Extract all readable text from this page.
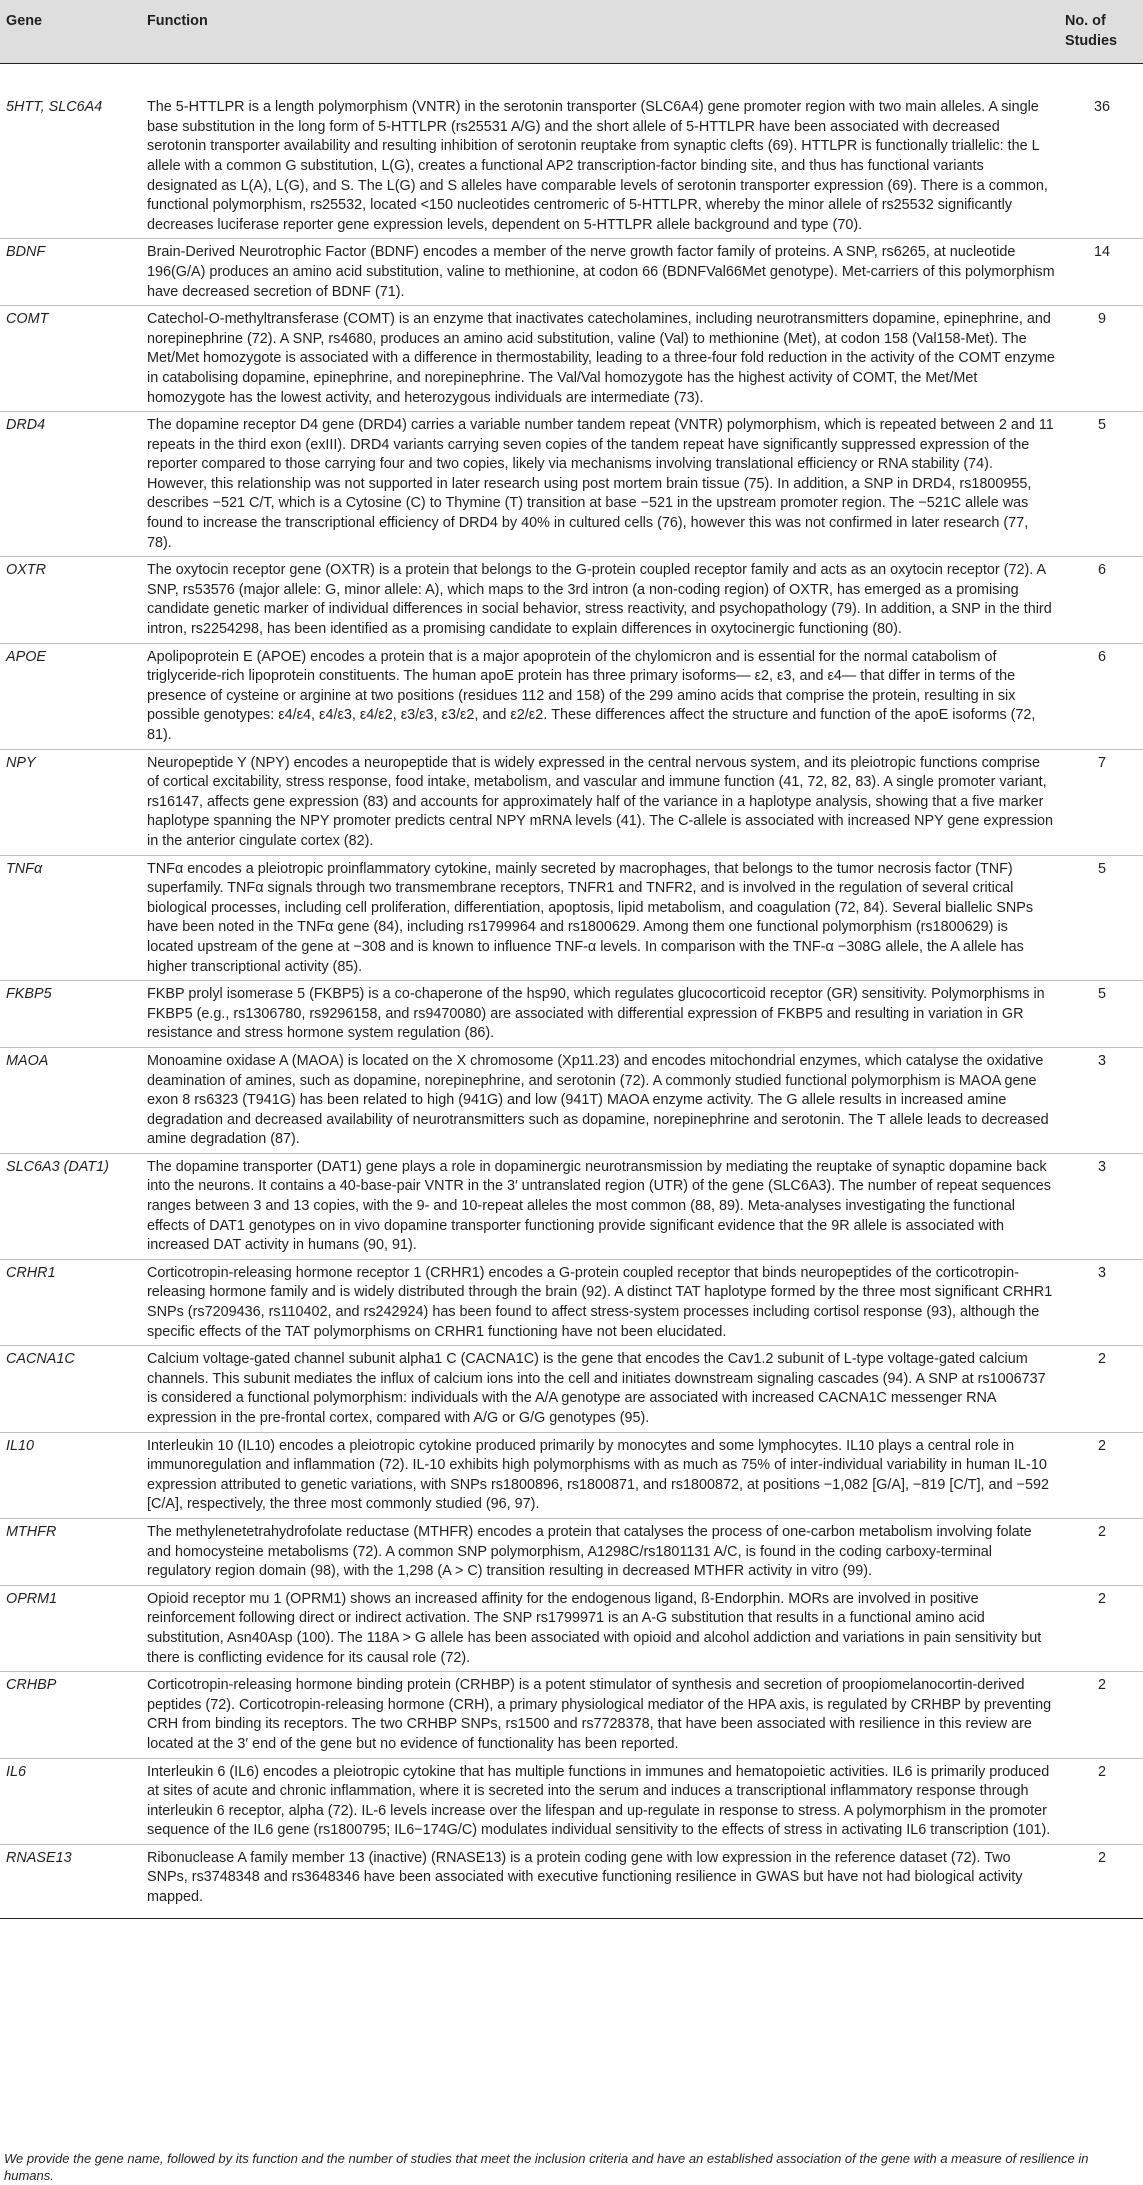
Gene	Function	No. of Studies
5HTT, SLC6A4	The 5-HTTLPR is a length polymorphism (VNTR) in the serotonin transporter (SLC6A4) gene promoter region with two main alleles. A single base substitution in the long form of 5-HTTLPR (rs25531 A/G) and the short allele of 5-HTTLPR have been associated with decreased serotonin transporter availability and resulting inhibition of serotonin reuptake from synaptic clefts (69). HTTLPR is functionally triallelic: the L allele with a common G substitution, L(G), creates a functional AP2 transcription-factor binding site, and thus has functional variants designated as L(A), L(G), and S. The L(G) and S alleles have comparable levels of serotonin transporter expression (69). There is a common, functional polymorphism, rs25532, located <150 nucleotides centromeric of 5-HTTLPR, whereby the minor allele of rs25532 significantly decreases luciferase reporter gene expression levels, dependent on 5-HTTLPR allele background and type (70).	36
BDNF	Brain-Derived Neurotrophic Factor (BDNF) encodes a member of the nerve growth factor family of proteins. A SNP, rs6265, at nucleotide 196(G/A) produces an amino acid substitution, valine to methionine, at codon 66 (BDNFVal66Met genotype). Met-carriers of this polymorphism have decreased secretion of BDNF (71).	14
COMT	Catechol-O-methyltransferase (COMT) is an enzyme that inactivates catecholamines, including neurotransmitters dopamine, epinephrine, and norepinephrine (72). A SNP, rs4680, produces an amino acid substitution, valine (Val) to methionine (Met), at codon 158 (Val158-Met). The Met/Met homozygote is associated with a difference in thermostability, leading to a three-four fold reduction in the activity of the COMT enzyme in catabolising dopamine, epinephrine, and norepinephrine. The Val/Val homozygote has the highest activity of COMT, the Met/Met homozygote has the lowest activity, and heterozygous individuals are intermediate (73).	9
DRD4	The dopamine receptor D4 gene (DRD4) carries a variable number tandem repeat (VNTR) polymorphism, which is repeated between 2 and 11 repeats in the third exon (exIII). DRD4 variants carrying seven copies of the tandem repeat have significantly suppressed expression of the reporter compared to those carrying four and two copies, likely via mechanisms involving translational efficiency or RNA stability (74). However, this relationship was not supported in later research using post mortem brain tissue (75). In addition, a SNP in DRD4, rs1800955, describes −521 C/T, which is a Cytosine (C) to Thymine (T) transition at base −521 in the upstream promoter region. The −521C allele was found to increase the transcriptional efficiency of DRD4 by 40% in cultured cells (76), however this was not confirmed in later research (77, 78).	5
OXTR	The oxytocin receptor gene (OXTR) is a protein that belongs to the G-protein coupled receptor family and acts as an oxytocin receptor (72). A SNP, rs53576 (major allele: G, minor allele: A), which maps to the 3rd intron (a non-coding region) of OXTR, has emerged as a promising candidate genetic marker of individual differences in social behavior, stress reactivity, and psychopathology (79). In addition, a SNP in the third intron, rs2254298, has been identified as a promising candidate to explain differences in oxytocinergic functioning (80).	6
APOE	Apolipoprotein E (APOE) encodes a protein that is a major apoprotein of the chylomicron and is essential for the normal catabolism of triglyceride-rich lipoprotein constituents. The human apoE protein has three primary isoforms— ε2, ε3, and ε4— that differ in terms of the presence of cysteine or arginine at two positions (residues 112 and 158) of the 299 amino acids that comprise the protein, resulting in six possible genotypes: ε4/ε4, ε4/ε3, ε4/ε2, ε3/ε3, ε3/ε2, and ε2/ε2. These differences affect the structure and function of the apoE isoforms (72, 81).	6
NPY	Neuropeptide Y (NPY) encodes a neuropeptide that is widely expressed in the central nervous system, and its pleiotropic functions comprise of cortical excitability, stress response, food intake, metabolism, and vascular and immune function (41, 72, 82, 83). A single promoter variant, rs16147, affects gene expression (83) and accounts for approximately half of the variance in a haplotype analysis, showing that a five marker haplotype spanning the NPY promoter predicts central NPY mRNA levels (41). The C-allele is associated with increased NPY gene expression in the anterior cingulate cortex (82).	7
TNFα	TNFα encodes a pleiotropic proinflammatory cytokine, mainly secreted by macrophages, that belongs to the tumor necrosis factor (TNF) superfamily. TNFα signals through two transmembrane receptors, TNFR1 and TNFR2, and is involved in the regulation of several critical biological processes, including cell proliferation, differentiation, apoptosis, lipid metabolism, and coagulation (72, 84). Several biallelic SNPs have been noted in the TNFα gene (84), including rs1799964 and rs1800629. Among them one functional polymorphism (rs1800629) is located upstream of the gene at −308 and is known to influence TNF-α levels. In comparison with the TNF-α −308G allele, the A allele has higher transcriptional activity (85).	5
FKBP5	FKBP prolyl isomerase 5 (FKBP5) is a co-chaperone of the hsp90, which regulates glucocorticoid receptor (GR) sensitivity. Polymorphisms in FKBP5 (e.g., rs1306780, rs9296158, and rs9470080) are associated with differential expression of FKBP5 and resulting in variation in GR resistance and stress hormone system regulation (86).	5
MAOA	Monoamine oxidase A (MAOA) is located on the X chromosome (Xp11.23) and encodes mitochondrial enzymes, which catalyse the oxidative deamination of amines, such as dopamine, norepinephrine, and serotonin (72). A commonly studied functional polymorphism is MAOA gene exon 8 rs6323 (T941G) has been related to high (941G) and low (941T) MAOA enzyme activity. The G allele results in increased amine degradation and decreased availability of neurotransmitters such as dopamine, norepinephrine and serotonin. The T allele leads to decreased amine degradation (87).	3
SLC6A3 (DAT1)	The dopamine transporter (DAT1) gene plays a role in dopaminergic neurotransmission by mediating the reuptake of synaptic dopamine back into the neurons. It contains a 40-base-pair VNTR in the 3′ untranslated region (UTR) of the gene (SLC6A3). The number of repeat sequences ranges between 3 and 13 copies, with the 9- and 10-repeat alleles the most common (88, 89). Meta-analyses investigating the functional effects of DAT1 genotypes on in vivo dopamine transporter functioning provide significant evidence that the 9R allele is associated with increased DAT activity in humans (90, 91).	3
CRHR1	Corticotropin-releasing hormone receptor 1 (CRHR1) encodes a G-protein coupled receptor that binds neuropeptides of the corticotropin-releasing hormone family and is widely distributed through the brain (92). A distinct TAT haplotype formed by the three most significant CRHR1 SNPs (rs7209436, rs110402, and rs242924) has been found to affect stress-system processes including cortisol response (93), although the specific effects of the TAT polymorphisms on CRHR1 functioning have not been elucidated.	3
CACNA1C	Calcium voltage-gated channel subunit alpha1 C (CACNA1C) is the gene that encodes the Cav1.2 subunit of L-type voltage-gated calcium channels. This subunit mediates the influx of calcium ions into the cell and initiates downstream signaling cascades (94). A SNP at rs1006737 is considered a functional polymorphism: individuals with the A/A genotype are associated with increased CACNA1C messenger RNA expression in the pre-frontal cortex, compared with A/G or G/G genotypes (95).	2
IL10	Interleukin 10 (IL10) encodes a pleiotropic cytokine produced primarily by monocytes and some lymphocytes. IL10 plays a central role in immunoregulation and inflammation (72). IL-10 exhibits high polymorphisms with as much as 75% of inter-individual variability in human IL-10 expression attributed to genetic variations, with SNPs rs1800896, rs1800871, and rs1800872, at positions −1,082 [G/A], −819 [C/T], and −592 [C/A], respectively, the three most commonly studied (96, 97).	2
MTHFR	The methylenetetrahydrofolate reductase (MTHFR) encodes a protein that catalyses the process of one-carbon metabolism involving folate and homocysteine metabolisms (72). A common SNP polymorphism, A1298C/rs1801131 A/C, is found in the coding carboxy-terminal regulatory region domain (98), with the 1,298 (A > C) transition resulting in decreased MTHFR activity in vitro (99).	2
OPRM1	Opioid receptor mu 1 (OPRM1) shows an increased affinity for the endogenous ligand, ß-Endorphin. MORs are involved in positive reinforcement following direct or indirect activation. The SNP rs1799971 is an A-G substitution that results in a functional amino acid substitution, Asn40Asp (100). The 118A > G allele has been associated with opioid and alcohol addiction and variations in pain sensitivity but there is conflicting evidence for its causal role (72).	2
CRHBP	Corticotropin-releasing hormone binding protein (CRHBP) is a potent stimulator of synthesis and secretion of proopiomelanocortin-derived peptides (72). Corticotropin-releasing hormone (CRH), a primary physiological mediator of the HPA axis, is regulated by CRHBP by preventing CRH from binding its receptors. The two CRHBP SNPs, rs1500 and rs7728378, that have been associated with resilience in this review are located at the 3′ end of the gene but no evidence of functionality has been reported.	2
IL6	Interleukin 6 (IL6) encodes a pleiotropic cytokine that has multiple functions in immunes and hematopoietic activities. IL6 is primarily produced at sites of acute and chronic inflammation, where it is secreted into the serum and induces a transcriptional inflammatory response through interleukin 6 receptor, alpha (72). IL-6 levels increase over the lifespan and up-regulate in response to stress. A polymorphism in the promoter sequence of the IL6 gene (rs1800795; IL6−174G/C) modulates individual sensitivity to the effects of stress in activating IL6 transcription (101).	2
RNASE13	Ribonuclease A family member 13 (inactive) (RNASE13) is a protein coding gene with low expression in the reference dataset (72). Two SNPs, rs3748348 and rs3648346 have been associated with executive functioning resilience in GWAS but have not had biological activity mapped.	2
We provide the gene name, followed by its function and the number of studies that meet the inclusion criteria and have an established association of the gene with a measure of resilience in humans.
